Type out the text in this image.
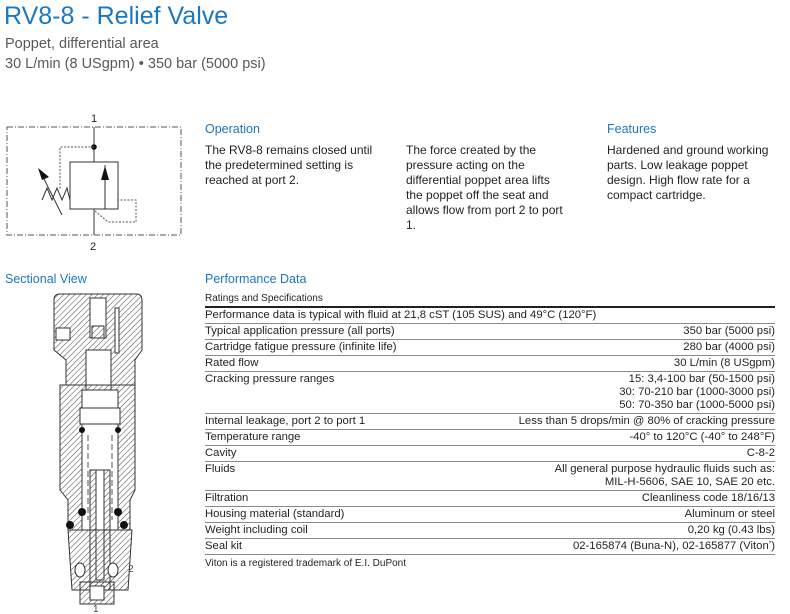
RV8-8 - Relief Valve
Poppet, differential area
30 L/min (8 USgpm) • 350 bar (5000 psi)
1
2
Operation
The RV8-8 remains closed until the predetermined setting is reached at port 2.
The force created by the pressure acting on the differential poppet area lifts the poppet off the seat and allows flow from port 2 to port 1.
Features
Hardened and ground working parts. Low leakage poppet design. High flow rate for a compact cartridge.
Sectional View
2
1
Performance Data
Ratings and Specifications
Performance data is typical with fluid at 21,8 cST (105 SUS) and 49°C (120°F)
Typical application pressure (all ports)	350 bar (5000 psi)
Cartridge fatigue pressure (infinite life)	280 bar (4000 psi)
Rated flow	30 L/min (8 USgpm)
Cracking pressure ranges	15: 3,4-100 bar (50-1500 psi)
30: 70-210 bar (1000-3000 psi)
50: 70-350 bar (1000-5000 psi)
Internal leakage, port 2 to port 1	Less than 5 drops/min @ 80% of cracking pressure
Temperature range	-40° to 120°C (-40° to 248°F)
Cavity	C-8-2
Fluids	All general purpose hydraulic fluids such as:
MIL-H-5606, SAE 10, SAE 20 etc.
Filtration	Cleanliness code 18/16/13
Housing material (standard)	Aluminum or steel
Weight including coil	0,20 kg (0.43 lbs)
Seal kit	02-165874 (Buna-N), 02-165877 (Vitonʼ)
Viton is a registered trademark of E.I. DuPont
